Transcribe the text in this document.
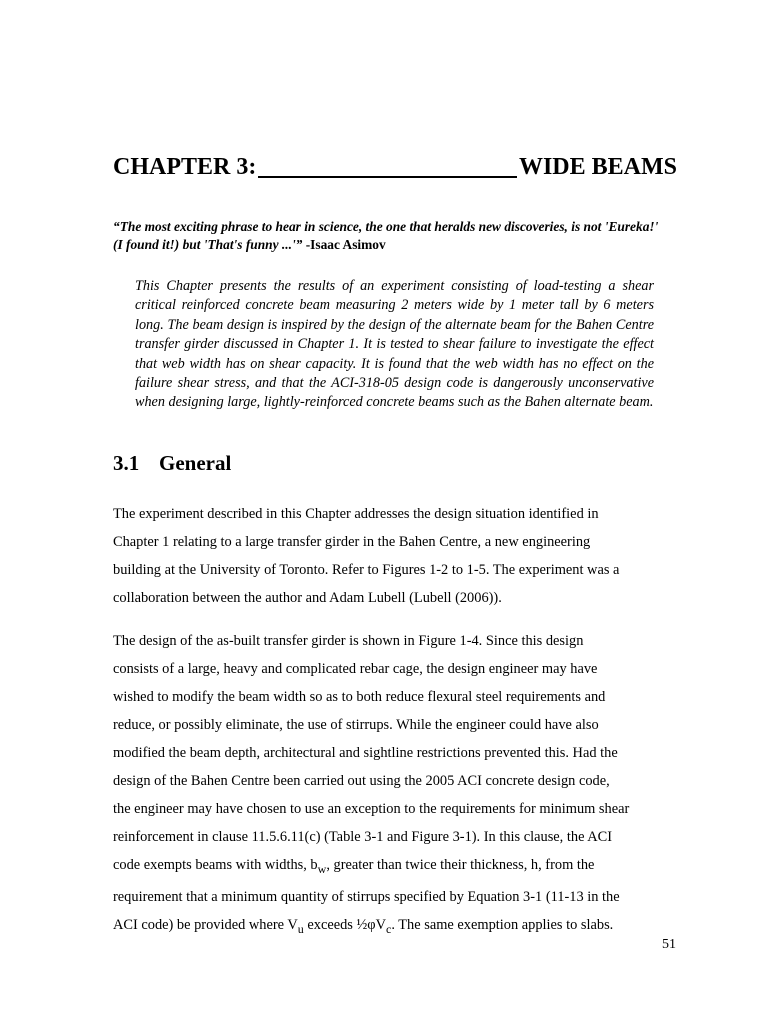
CHAPTER 3:	WIDE BEAMS
“The most exciting phrase to hear in science, the one that heralds new discoveries, is not 'Eureka!'
(I found it!) but 'That's funny ...'” -Isaac Asimov

This Chapter presents the results of an experiment consisting of load-testing a shear critical reinforced concrete beam measuring 2 meters wide by 1 meter tall by 6 meters long. The beam design is inspired by the design of the alternate beam for the Bahen Centre transfer girder discussed in Chapter 1. It is tested to shear failure to investigate the effect that web width has on shear capacity. It is found that the web width has no effect on the failure shear stress, and that the ACI-318-05 design code is dangerously unconservative when designing large, lightly-reinforced concrete beams such as the Bahen alternate beam.

3.1 General
The experiment described in this Chapter addresses the design situation identified in
Chapter 1 relating to a large transfer girder in the Bahen Centre, a new engineering
building at the University of Toronto. Refer to Figures 1-2 to 1-5. The experiment was a
collaboration between the author and Adam Lubell (Lubell (2006)).
The design of the as-built transfer girder is shown in Figure 1-4. Since this design
consists of a large, heavy and complicated rebar cage, the design engineer may have
wished to modify the beam width so as to both reduce flexural steel requirements and
reduce, or possibly eliminate, the use of stirrups. While the engineer could have also
modified the beam depth, architectural and sightline restrictions prevented this. Had the
design of the Bahen Centre been carried out using the 2005 ACI concrete design code,
the engineer may have chosen to use an exception to the requirements for minimum shear
reinforcement in clause 11.5.6.11(c) (Table 3-1 and Figure 3-1). In this clause, the ACI
code exempts beams with widths, $b_w$, greater than twice their thickness, h, from the
requirement that a minimum quantity of stirrups specified by Equation 3-1 (11-13 in the
ACI code) be provided where $V_u$ exceeds $\frac{1}{2}\varphi V_c$. The same exemption applies to slabs.
51
